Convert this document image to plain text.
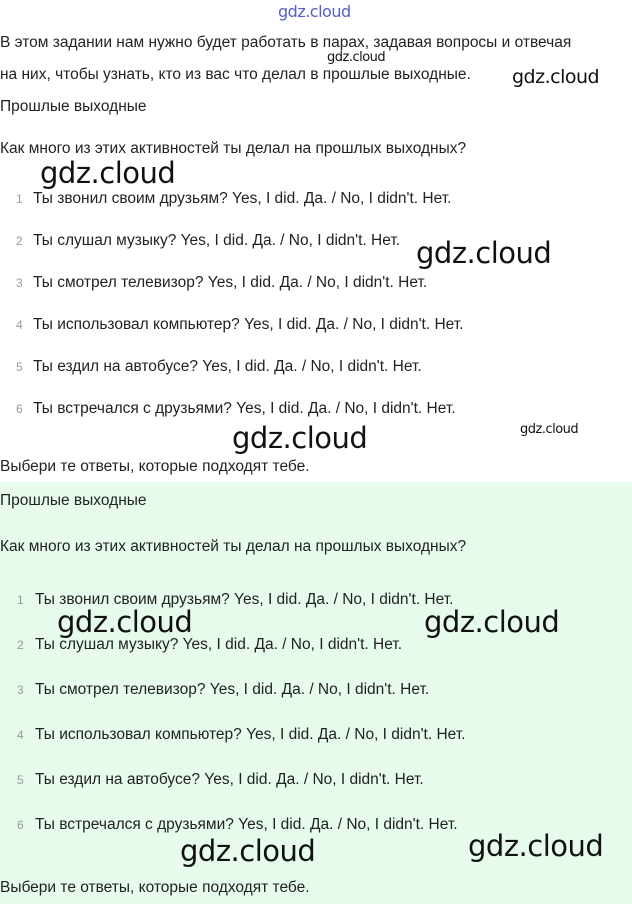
gdz.cloud
В этом задании нам нужно будет работать в парах, задавая вопросы и отвечая
на них, чтобы узнать, кто из вас что делал в прошлые выходные.
Прошлые выходные
Как много из этих активностей ты делал на прошлых выходных?
1 Ты звонил своим друзьям? Yes, I did. Да. / No, I didn't. Нет.
2 Ты слушал музыку? Yes, I did. Да. / No, I didn't. Нет.
3 Ты смотрел телевизор? Yes, I did. Да. / No, I didn't. Нет.
4 Ты использовал компьютер? Yes, I did. Да. / No, I didn't. Нет.
5 Ты ездил на автобусе? Yes, I did. Да. / No, I didn't. Нет.
6 Ты встречался с друзьями? Yes, I did. Да. / No, I didn't. Нет.
Выбери те ответы, которые подходят тебе.
Прошлые выходные
Как много из этих активностей ты делал на прошлых выходных?
1 Ты звонил своим друзьям? Yes, I did. Да. / No, I didn't. Нет.
2 Ты слушал музыку? Yes, I did. Да. / No, I didn't. Нет.
3 Ты смотрел телевизор? Yes, I did. Да. / No, I didn't. Нет.
4 Ты использовал компьютер? Yes, I did. Да. / No, I didn't. Нет.
5 Ты ездил на автобусе? Yes, I did. Да. / No, I didn't. Нет.
6 Ты встречался с друзьями? Yes, I did. Да. / No, I didn't. Нет.
Выбери те ответы, которые подходят тебе.
gdz.cloud
gdz.cloud
gdz.cloud
gdz.cloud
gdz.cloud	gdz.cloud
gdz.cloud	gdz.cloud
gdz.cloud	gdz.cloud
